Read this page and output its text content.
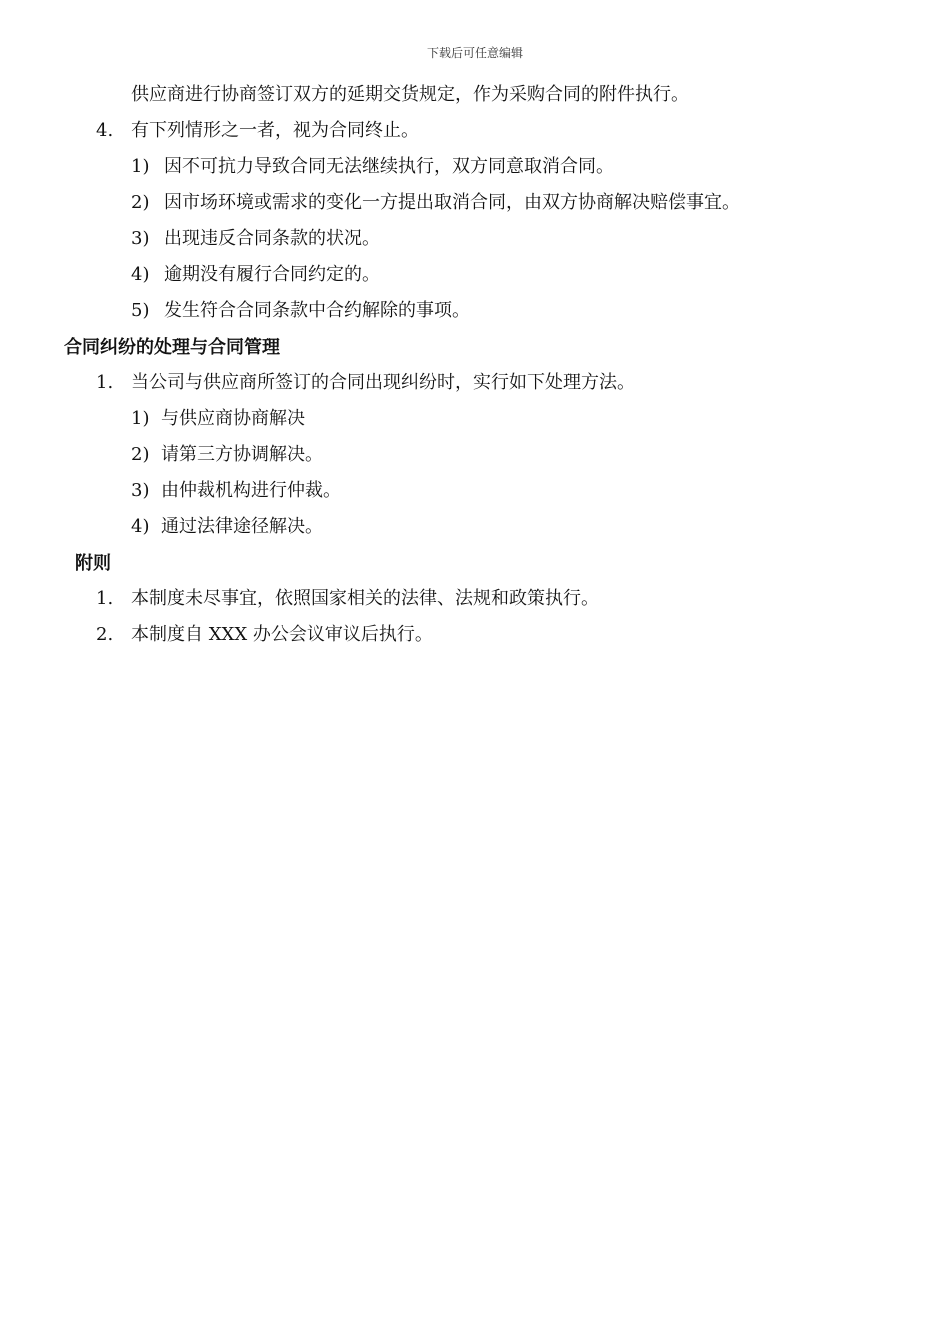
下载后可任意编辑
供应商进行协商签订双方的延期交货规定，作为采购合同的附件执行。
4. 有下列情形之一者，视为合同终止。
1) 因不可抗力导致合同无法继续执行，双方同意取消合同。
2) 因市场环境或需求的变化一方提出取消合同，由双方协商解决赔偿事宜。
3) 出现违反合同条款的状况。
4) 逾期没有履行合同约定的。
5) 发生符合合同条款中合约解除的事项。
合同纠纷的处理与合同管理
1. 当公司与供应商所签订的合同出现纠纷时，实行如下处理方法。
1) 与供应商协商解决
2) 请第三方协调解决。
3) 由仲裁机构进行仲裁。
4) 通过法律途径解决。
附则
1. 本制度未尽事宜，依照国家相关的法律、法规和政策执行。
2. 本制度自 XXX 办公会议审议后执行。
